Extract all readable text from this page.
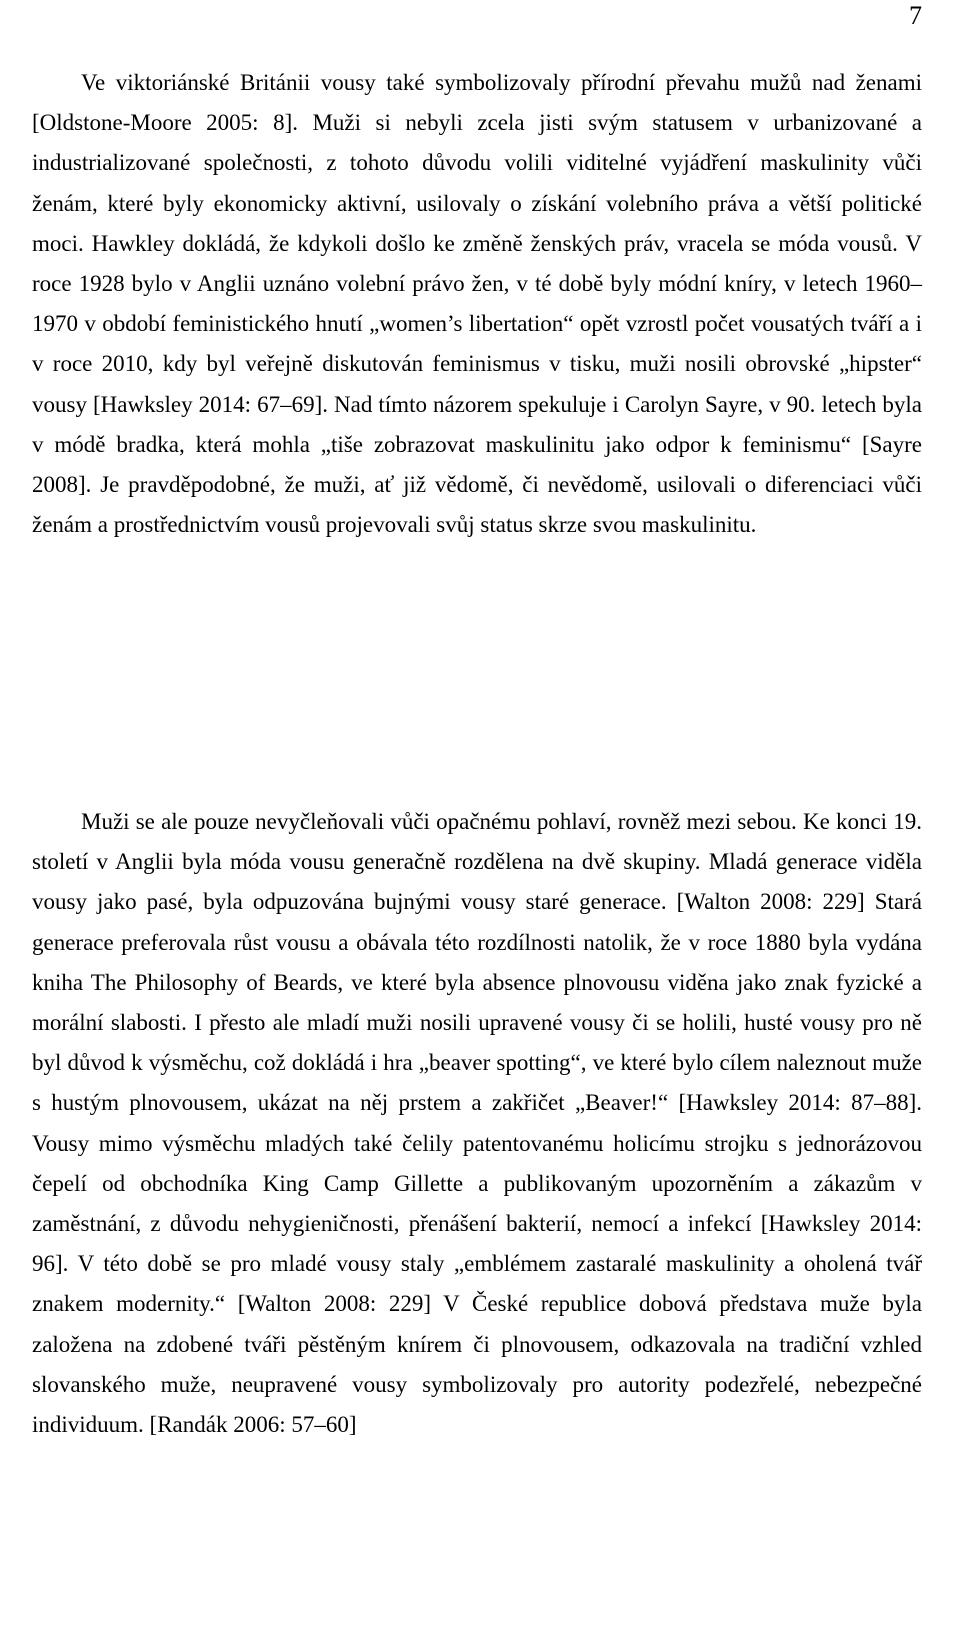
7

Ve viktoriánské Británii vousy také symbolizovaly přírodní převahu mužů nad ženami [Oldstone-Moore 2005: 8]. Muži si nebyli zcela jisti svým statusem v urbanizované a industrializované společnosti, z tohoto důvodu volili viditelné vyjádření maskulinity vůči ženám, které byly ekonomicky aktivní, usilovaly o získání volebního práva a větší politické moci. Hawkley dokládá, že kdykoli došlo ke změně ženských práv, vracela se móda vousů. V roce 1928 bylo v Anglii uznáno volební právo žen, v té době byly módní kníry, v letech 1960–1970 v období feministického hnutí „women’s libertation“ opět vzrostl počet vousatých tváří a i v roce 2010, kdy byl veřejně diskutován feminismus v tisku, muži nosili obrovské „hipster“ vousy [Hawksley 2014: 67–69]. Nad tímto názorem spekuluje i Carolyn Sayre, v 90. letech byla v módě bradka, která mohla „tiše zobrazovat maskulinitu jako odpor k feminismu“ [Sayre 2008]. Je pravděpodobné, že muži, ať již vědomě, či nevědomě, usilovali o diferenciaci vůči ženám a prostřednictvím vousů projevovali svůj status skrze svou maskulinitu.

Muži se ale pouze nevyčleňovali vůči opačnému pohlaví, rovněž mezi sebou. Ke konci 19. století v Anglii byla móda vousu generačně rozdělena na dvě skupiny. Mladá generace viděla vousy jako pasé, byla odpuzována bujnými vousy staré generace. [Walton 2008: 229] Stará generace preferovala růst vousu a obávala této rozdílnosti natolik, že v roce 1880 byla vydána kniha The Philosophy of Beards, ve které byla absence plnovousu viděna jako znak fyzické a morální slabosti. I přesto ale mladí muži nosili upravené vousy či se holili, husté vousy pro ně byl důvod k výsměchu, což dokládá i hra „beaver spotting“, ve které bylo cílem naleznout muže s hustým plnovousem, ukázat na něj prstem a zakřičet „Beaver!“ [Hawksley 2014: 87–88]. Vousy mimo výsměchu mladých také čelily patentovanému holicímu strojku s jednorázovou čepelí od obchodníka King Camp Gillette a publikovaným upozorněním a zákazům v zaměstnání, z důvodu nehygieničnosti, přenášení bakterií, nemocí a infekcí [Hawksley 2014: 96]. V této době se pro mladé vousy staly „emblémem zastaralé maskulinity a oholená tvář znakem modernity.“ [Walton 2008: 229] V České republice dobová představa muže byla založena na zdobené tváři pěstěným knírem či plnovousem, odkazovala na tradiční vzhled slovanského muže, neupravené vousy symbolizovaly pro autority podezřelé, nebezpečné individuum. [Randák 2006: 57–60]
